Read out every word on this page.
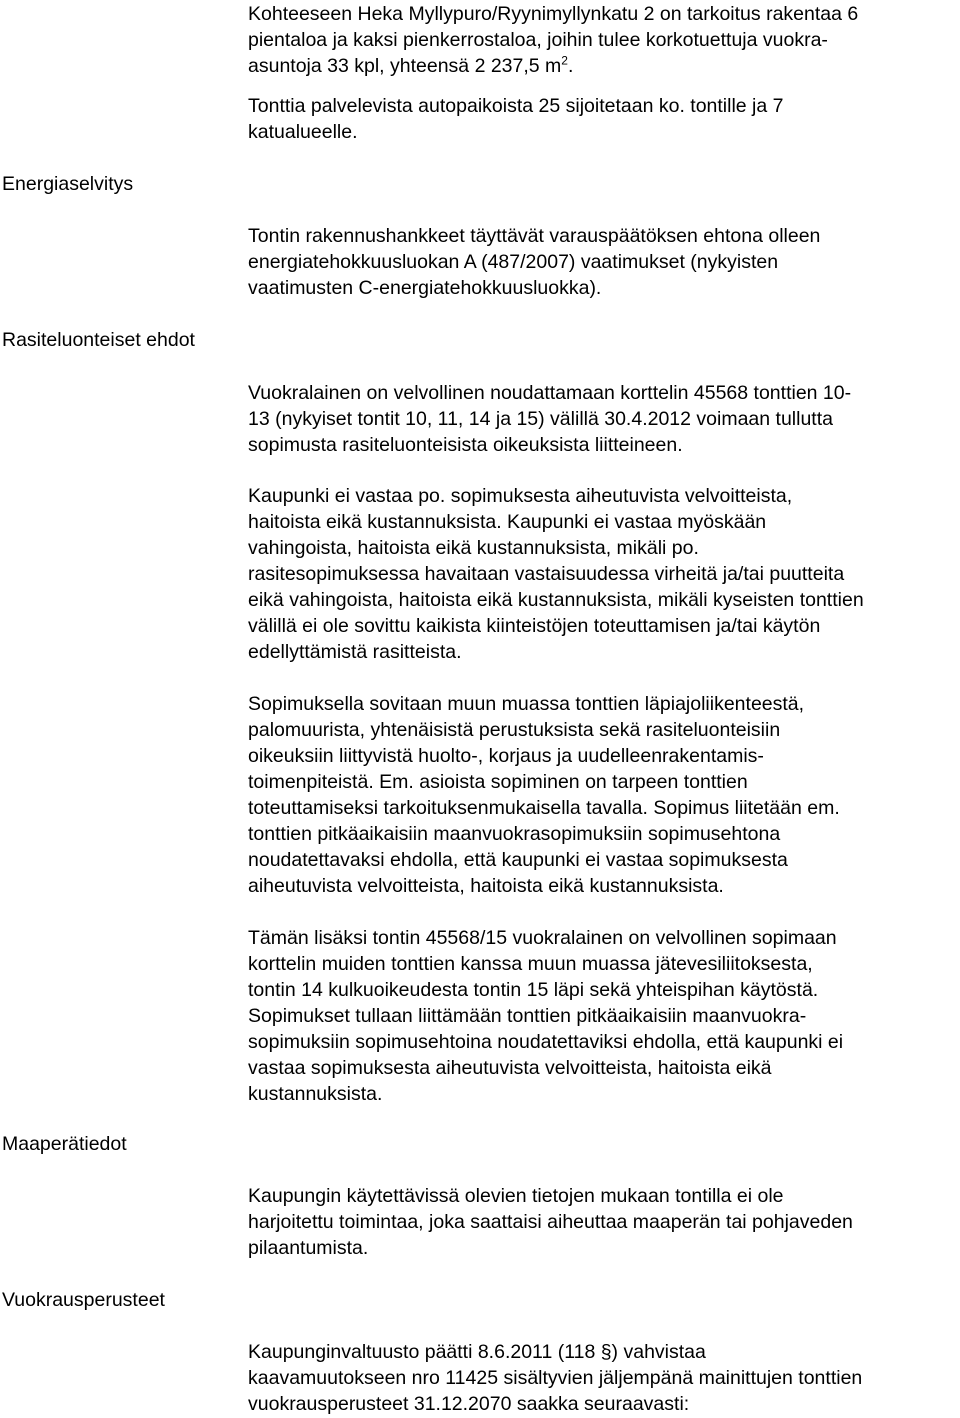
Energiaselvitys
Rasiteluonteiset ehdot
Maaperätiedot
Vuokrausperusteet
Kohteeseen Heka Myllypuro/Ryynimyllynkatu 2 on tarkoitus rakentaa 6
pientaloa ja kaksi pienkerrostaloa, joihin tulee korkotuettuja vuokra-
asuntoja 33 kpl, yhteensä 2 237,5 $m^2$.
Tonttia palvelevista autopaikoista 25 sijoitetaan ko. tontille ja 7
katualueelle.
Tontin rakennushankkeet täyttävät varauspäätöksen ehtona olleen
energiatehokkuusluokan A (487/2007) vaatimukset (nykyisten
vaatimusten C-energiatehokkuusluokka).
Vuokralainen on velvollinen noudattamaan korttelin 45568 tonttien 10-
13 (nykyiset tontit 10, 11, 14 ja 15) välillä 30.4.2012 voimaan tullutta
sopimusta rasiteluonteisista oikeuksista liitteineen.
Kaupunki ei vastaa po. sopimuksesta aiheutuvista velvoitteista,
haitoista eikä kustannuksista. Kaupunki ei vastaa myöskään
vahingoista, haitoista eikä kustannuksista, mikäli po.
rasitesopimuksessa havaitaan vastaisuudessa virheitä ja/tai puutteita
eikä vahingoista, haitoista eikä kustannuksista, mikäli kyseisten tonttien
välillä ei ole sovittu kaikista kiinteistöjen toteuttamisen ja/tai käytön
edellyttämistä rasitteista.
Sopimuksella sovitaan muun muassa tonttien läpiajoliikenteestä,
palomuurista, yhtenäisistä perustuksista sekä rasiteluonteisiin
oikeuksiin liittyvistä huolto-, korjaus ja uudelleenrakentamis-
toimenpiteistä. Em. asioista sopiminen on tarpeen tonttien
toteuttamiseksi tarkoituksenmukaisella tavalla. Sopimus liitetään em.
tonttien pitkäaikaisiin maanvuokrasopimuksiin sopimusehtona
noudatettavaksi ehdolla, että kaupunki ei vastaa sopimuksesta
aiheutuvista velvoitteista, haitoista eikä kustannuksista.
Tämän lisäksi tontin 45568/15 vuokralainen on velvollinen sopimaan
korttelin muiden tonttien kanssa muun muassa jätevesiliitoksesta,
tontin 14 kulkuoikeudesta tontin 15 läpi sekä yhteispihan käytöstä.
Sopimukset tullaan liittämään tonttien pitkäaikaisiin maanvuokra-
sopimuksiin sopimusehtoina noudatettaviksi ehdolla, että kaupunki ei
vastaa sopimuksesta aiheutuvista velvoitteista, haitoista eikä
kustannuksista.
Kaupungin käytettävissä olevien tietojen mukaan tontilla ei ole
harjoitettu toimintaa, joka saattaisi aiheuttaa maaperän tai pohjaveden
pilaantumista.
Kaupunginvaltuusto päätti 8.6.2011 (118 §) vahvistaa
kaavamuutokseen nro 11425 sisältyvien jäljempänä mainittujen tonttien
vuokrausperusteet 31.12.2070 saakka seuraavasti:
